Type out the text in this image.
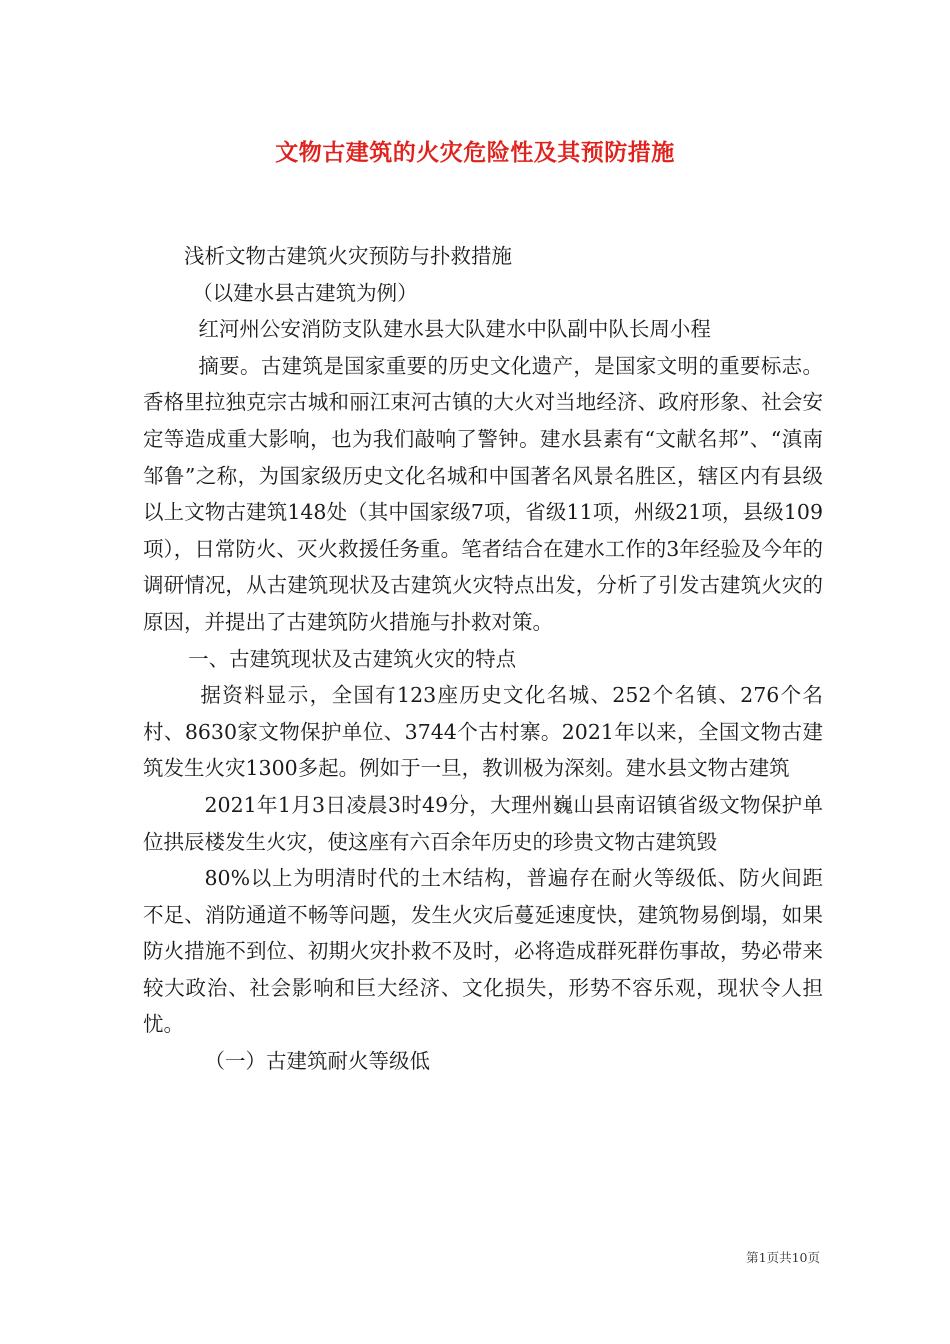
文物古建筑的火灾危险性及其预防措施

浅析文物古建筑火灾预防与扑救措施

（以建水县古建筑为例）

红河州公安消防支队建水县大队建水中队副中队长周小程

摘要。古建筑是国家重要的历史文化遗产，是国家文明的重要标志。香格里拉独克宗古城和丽江束河古镇的大火对当地经济、政府形象、社会安定等造成重大影响，也为我们敲响了警钟。建水县素有“文献名邦”、“滇南邹鲁”之称，为国家级历史文化名城和中国著名风景名胜区，辖区内有县级以上文物古建筑148处（其中国家级7项，省级11项，州级21项，县级109项），日常防火、灭火救援任务重。笔者结合在建水工作的3年经验及今年的调研情况，从古建筑现状及古建筑火灾特点出发，分析了引发古建筑火灾的原因，并提出了古建筑防火措施与扑救对策。

一、古建筑现状及古建筑火灾的特点

据资料显示，全国有123座历史文化名城、252个名镇、276个名村、8630家文物保护单位、3744个古村寨。2021年以来，全国文物古建筑发生火灾1300多起。例如于一旦，教训极为深刻。建水县文物古建筑

2021年1月3日凌晨3时49分，大理州巍山县南诏镇省级文物保护单位拱辰楼发生火灾，使这座有六百余年历史的珍贵文物古建筑毁

80%以上为明清时代的土木结构，普遍存在耐火等级低、防火间距不足、消防通道不畅等问题，发生火灾后蔓延速度快，建筑物易倒塌，如果防火措施不到位、初期火灾扑救不及时，必将造成群死群伤事故，势必带来较大政治、社会影响和巨大经济、文化损失，形势不容乐观，现状令人担忧。

（一）古建筑耐火等级低

第1页共10页
